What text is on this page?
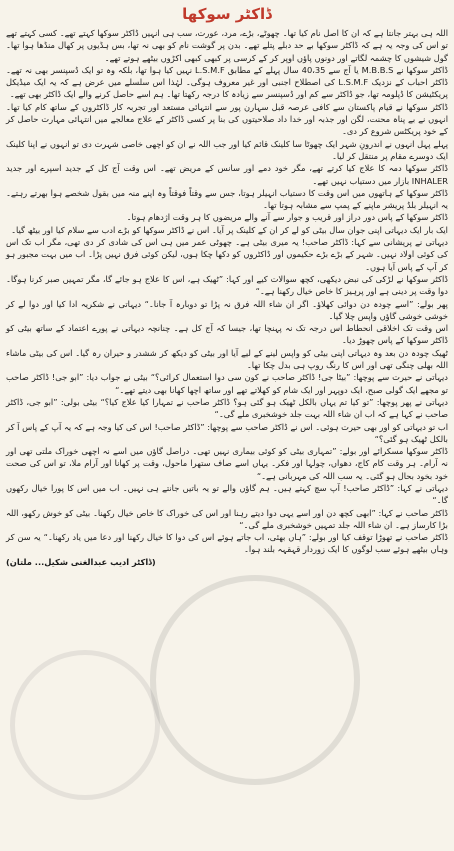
ڈاکٹر سوکھا

اللہ ہی بہتر جانتا ہے کہ ان کا اصل نام کیا تھا۔ چھوٹے، بڑے، مرد، عورت، سب ہی انہیں ڈاکٹر سوکھا کہتے تھے۔ کسی کہتے تھے تو اس کی وجہ یہ ہے کہ ڈاکٹر سوکھا بے حد دبلے پتلے تھے۔ بدن پر گوشت نام کو بھی نہ تھا، بس ہڈیوں پر کھال منڈھا ہوا تھا۔ گول شیشوں کا چشمہ لگاتے اور دونوں پاؤں اوپر کر کے کرسی پر کبھی کبھی اکڑوں بیٹھے ہوتے تھے۔

ڈاکٹر سوکھا نے M.B.B.S یا آج سے 40،35 سال پہلے کے مطابق L.S.M.F نہیں کیا ہوا تھا، بلکہ وہ تو ایک ڈسپنسر بھی نہ تھے۔ ڈاکٹر احباب کے نزدیک L.S.M.F کی اصطلاح اجنبی اور غیر معروف ہوگی۔ لہٰذا اس سلسلے میں عرض ہے کہ یہ ایک میڈیکل پریکٹیشن کا ڈپلومہ تھا، جو ڈاکٹر سے کم اور ڈسپنسر سے زیادہ کا درجہ رکھتا تھا۔ ہم اسے حاصل کرنے والے ایک ڈاکٹر بھی تھے۔

ڈاکٹر سوکھا نے قیام پاکستان سے کافی عرصہ قبل سہارن پور سے انتہائی مستعد اور تجربہ کار ڈاکٹروں کے ساتھ کام کیا تھا۔ انہوں نے بے پناہ محنت، لگن اور جذبہ اور خدا داد صلاحیتوں کی بنا پر کسی ڈاکٹر کے علاج معالجے میں انتہائی مہارت حاصل کر کے خود پریکٹس شروع کر دی۔

پہلے پہل انہوں نے اندرونِ شہر ایک چھوٹا سا کلینک قائم کیا اور جب اللہ نے ان کو اچھی خاصی شہرت دی تو انہوں نے اپنا کلینک ایک دوسرے مقام پر منتقل کر لیا۔

ڈاکٹر سوکھا دمہ کا علاج کیا کرتے تھے، مگر خود دمے اور سانس کے مریض تھے۔ اس وقت آج کل کے جدید اسپرے اور جدید INHALER بازار میں دستیاب نہیں تھے۔

ڈاکٹر سوکھا کے ہاتھوں میں اس وقت کا دستیاب انہیلر ہوتا، جس سے وقتاً فوقتاً وہ اپنے منہ میں بقول شخصے ہوا بھرتے رہتے۔ یہ انہیلر بلڈ پریشر ماپنے کے پمپ سے مشابہ ہوتا تھا۔

ڈاکٹر سوکھا کے پاس دور دراز اور قریب و جوار سے آنے والے مریضوں کا ہر وقت اژدھام ہوتا۔

ایک بار ایک دیہاتی اپنی جوان سال بیٹی کو لے کر ان کے کلینک پر آیا۔ اس نے ڈاکٹر سوکھا کو بڑے ادب سے سلام کیا اور بیٹھ گیا۔

دیہاتی نے پریشانی سے کہا: ڈاکٹر صاحب! یہ میری بیٹی ہے۔ چھوٹی عمر میں ہی اس کی شادی کر دی تھی، مگر اب تک اس کی کوئی اولاد نہیں۔ شہر کے بڑے بڑے حکیموں اور ڈاکٹروں کو دکھا چکا ہوں، لیکن کوئی فرق نہیں پڑا۔ اب میں بہت مجبور ہو کر آپ کے پاس آیا ہوں۔

ڈاکٹر سوکھا نے لڑکی کی نبض دیکھی، کچھ سوالات کیے اور کہا: ”ٹھیک ہے، اس کا علاج ہو جائے گا، مگر تمہیں صبر کرنا ہوگا۔ دوا وقت پر دینی ہے اور پرہیز کا خاص خیال رکھنا ہے۔“

پھر بولے: ”اسے چودہ دن دوائی کھلاؤ۔ اگر ان شاء اللہ فرق نہ پڑا تو دوبارہ آ جانا۔“ دیہاتی نے شکریہ ادا کیا اور دوا لے کر خوشی خوشی گاؤں واپس چلا گیا۔

اس وقت تک اخلاقی انحطاط اس درجہ تک نہ پہنچا تھا، جیسا کہ آج کل ہے۔ چنانچہ دیہاتی نے پورے اعتماد کے ساتھ بیٹی کو ڈاکٹر سوکھا کے پاس چھوڑ دیا۔

ٹھیک چودہ دن بعد وہ دیہاتی اپنی بیٹی کو واپس لینے کے لیے آیا اور بیٹی کو دیکھ کر ششدر و حیران رہ گیا۔ اس کی بیٹی ماشاء اللہ بھلی چنگی تھی اور اس کا رنگ روپ ہی بدل چکا تھا۔

دیہاتی نے حیرت سے پوچھا: ”بیٹا جی! ڈاکٹر صاحب نے کون سی دوا استعمال کرائی؟“ بیٹی نے جواب دیا: ”ابو جی! ڈاکٹر صاحب تو مجھے ایک گولی صبح، ایک دوپہر اور ایک شام کو کھلاتے تھے اور ساتھ اچھا کھانا بھی دیتے تھے۔“

دیہاتی نے پھر پوچھا: ”تو کیا تم یہاں بالکل ٹھیک ہو گئی ہو؟ ڈاکٹر صاحب نے تمہارا کیا علاج کیا؟“ بیٹی بولی: ”ابو جی، ڈاکٹر صاحب نے کہا ہے کہ اب ان شاء اللہ بہت جلد خوشخبری ملے گی۔“

اب تو دیہاتی کو اور بھی حیرت ہوئی۔ اس نے ڈاکٹر صاحب سے پوچھا: ”ڈاکٹر صاحب! اس کی کیا وجہ ہے کہ یہ آپ کے پاس آ کر بالکل ٹھیک ہو گئی؟“

ڈاکٹر سوکھا مسکرائے اور بولے: ”تمہاری بیٹی کو کوئی بیماری نہیں تھی۔ دراصل گاؤں میں اسے نہ اچھی خوراک ملتی تھی اور نہ آرام۔ ہر وقت کام کاج، دھواں، چولہا اور فکر۔ یہاں اسے صاف ستھرا ماحول، وقت پر کھانا اور آرام ملا، تو اس کی صحت خود بخود بحال ہو گئی۔ یہ سب اللہ کی مہربانی ہے۔“

دیہاتی نے کہا: ”ڈاکٹر صاحب! آپ سچ کہتے ہیں۔ ہم گاؤں والے تو یہ باتیں جانتے ہی نہیں۔ اب میں اس کا پورا خیال رکھوں گا۔“

ڈاکٹر صاحب نے کہا: ”ابھی کچھ دن اور اسے یہی دوا دیتے رہنا اور اس کی خوراک کا خاص خیال رکھنا۔ بیٹی کو خوش رکھو، اللہ بڑا کارساز ہے۔ ان شاء اللہ جلد تمہیں خوشخبری ملے گی۔“

ڈاکٹر صاحب نے تھوڑا توقف کیا اور بولے: ”ہاں بھئی، اب جاتے ہوئے اس کی دوا کا خیال رکھنا اور دعا میں یاد رکھنا۔“ یہ سن کر وہاں بیٹھے ہوئے سب لوگوں کا ایک زوردار قہقہہ بلند ہوا۔

(ڈاکٹر ادیب عبدالغنی شکیل... ملتان)
